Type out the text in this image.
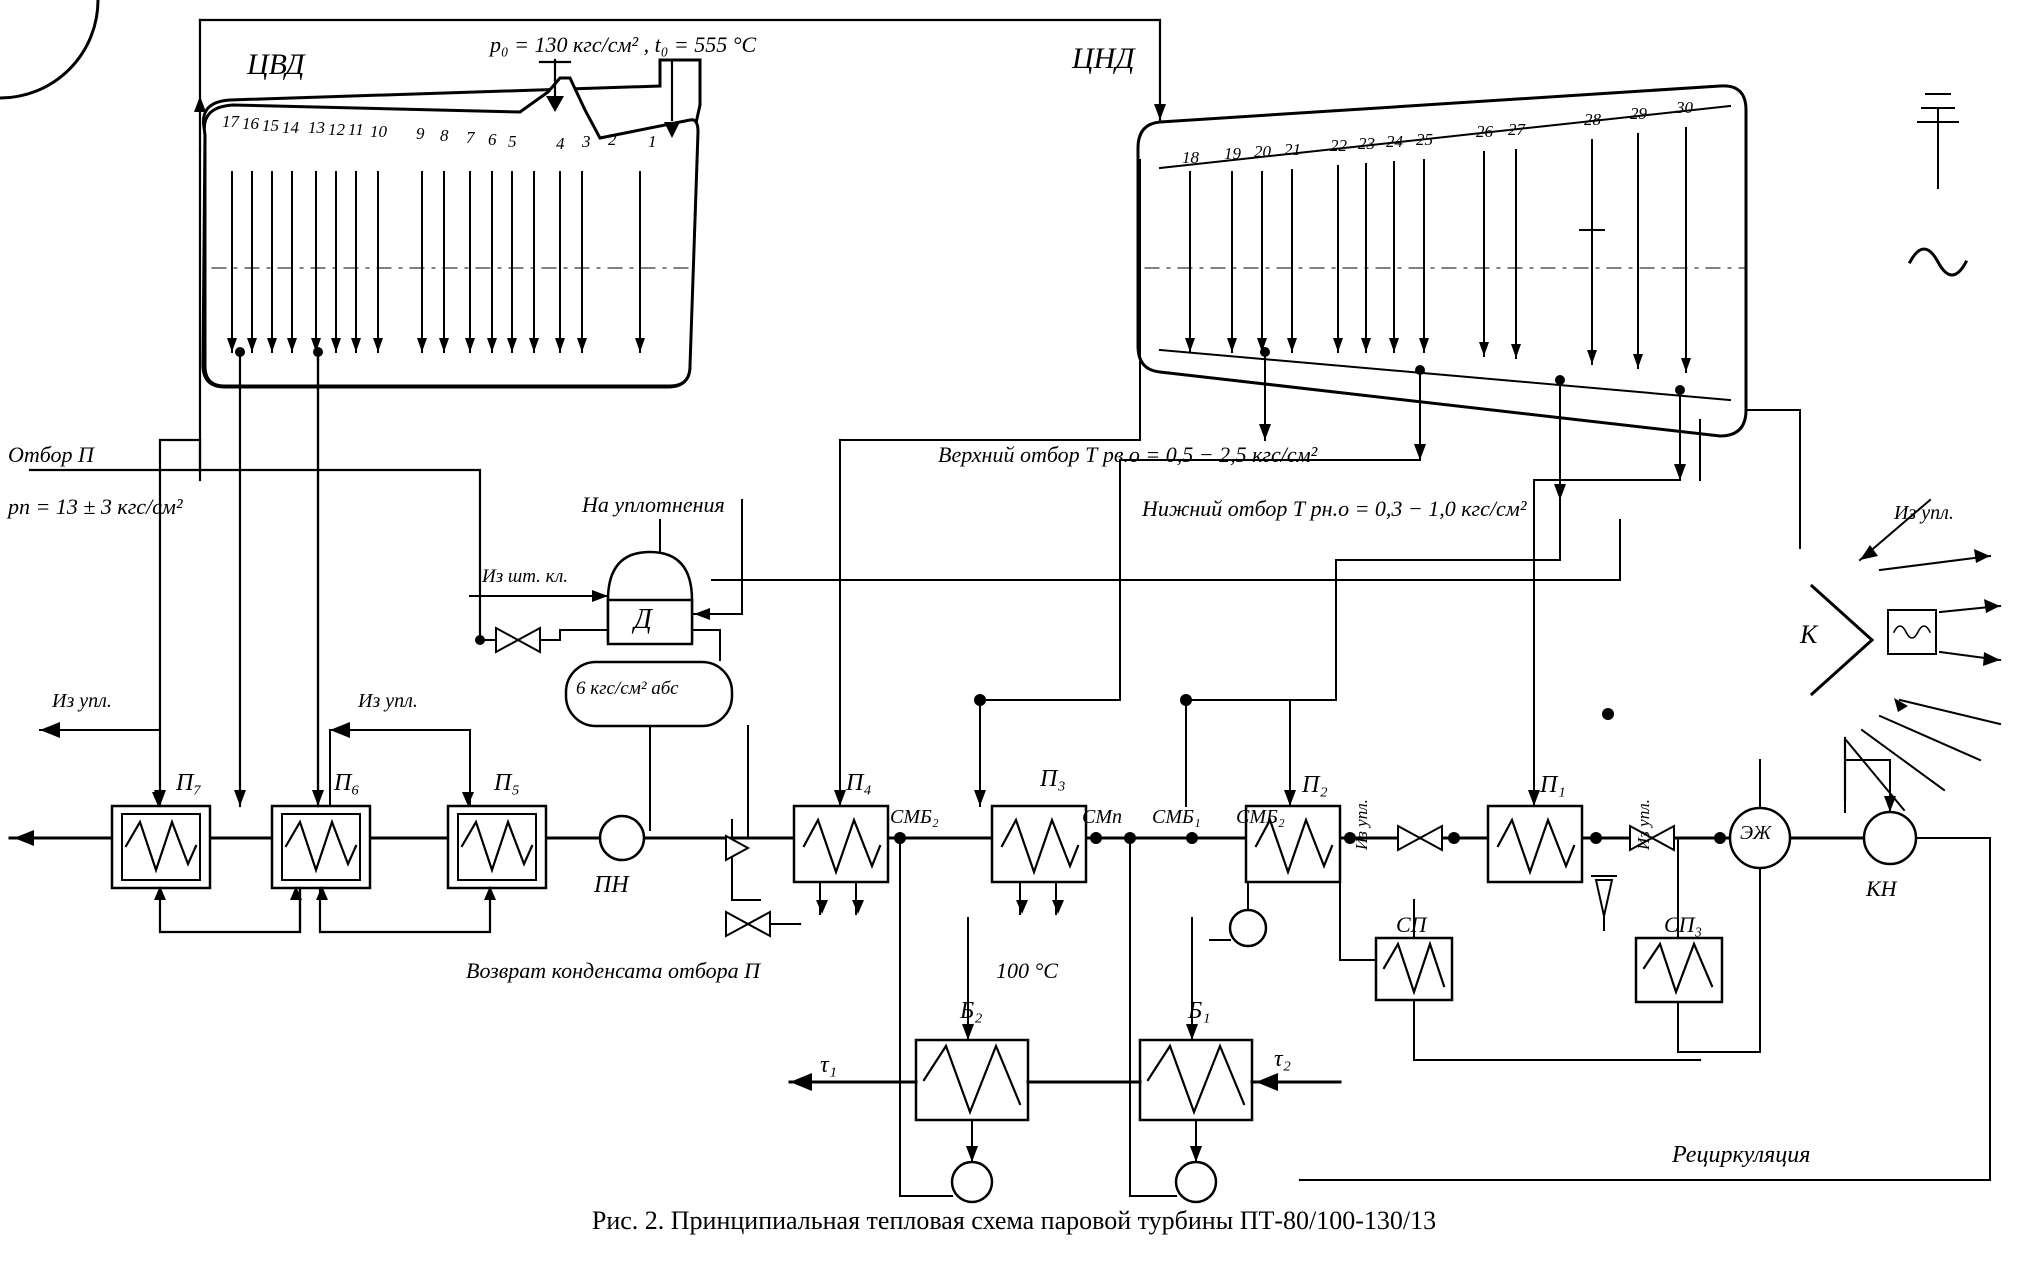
ЦВД	ЦНД
p₀ = 130 кгс/см² , t₀ = 555 °С
17 16 15 14 13 12 11 10 9 8 7 6 5 4 3 2 1
18 19 20 21 22 23 24 25	26 27
28 29 30
Отбор П
pп = 13 ± 3 кгс/см²
Верхний отбор Т pв.о = 0,5 − 2,5 кгс/см²
Нижний отбор Т pн.о = 0,3 − 1,0 кгс/см²
На уплотнения
Из шт. кл.
Из упл.	Из упл.
Из упл.
Из упл.	Из упл.
6 кгс/см² абс
Д
ПН
П₇	П₆	П₅	П₄	П₃	П₂	П₁
СМБ₂	СМп СМБ₁ СМБ₂
Б₂	Б₁
СП	СП₃
ЭЖ
КН
К
Возврат конденсата отбора П	100 °С
Рециркуляция
τ₁	τ₂
Рис. 2. Принципиальная тепловая схема паровой турбины ПТ-80/100-130/13
